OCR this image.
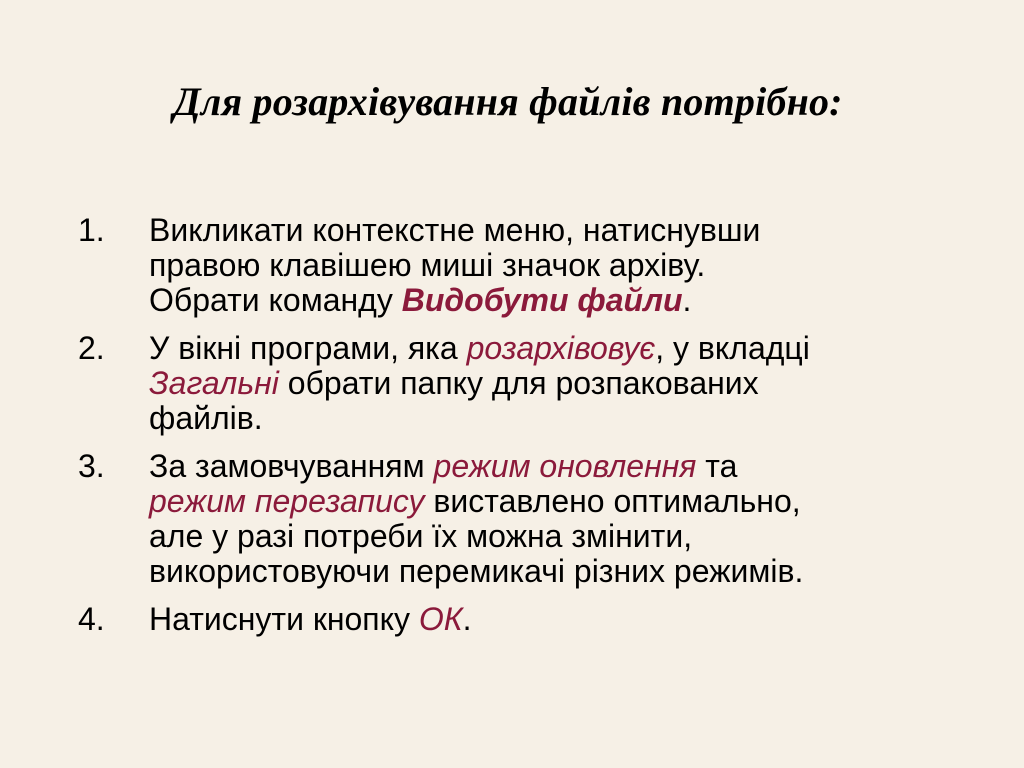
Для розархівування файлів потрібно:
1. Викликати контекстне меню, натиснувши
правою клавішею миші значок архіву.
Обрати команду Видобути файли.
2. У вікні програми, яка розархівовує, у вкладці
Загальні обрати папку для розпакованих
файлів.
3. За замовчуванням режим оновлення та
режим перезапису виставлено оптимально,
але у разі потреби їх можна змінити,
використовуючи перемикачі різних режимів.
4. Натиснути кнопку ОК.
